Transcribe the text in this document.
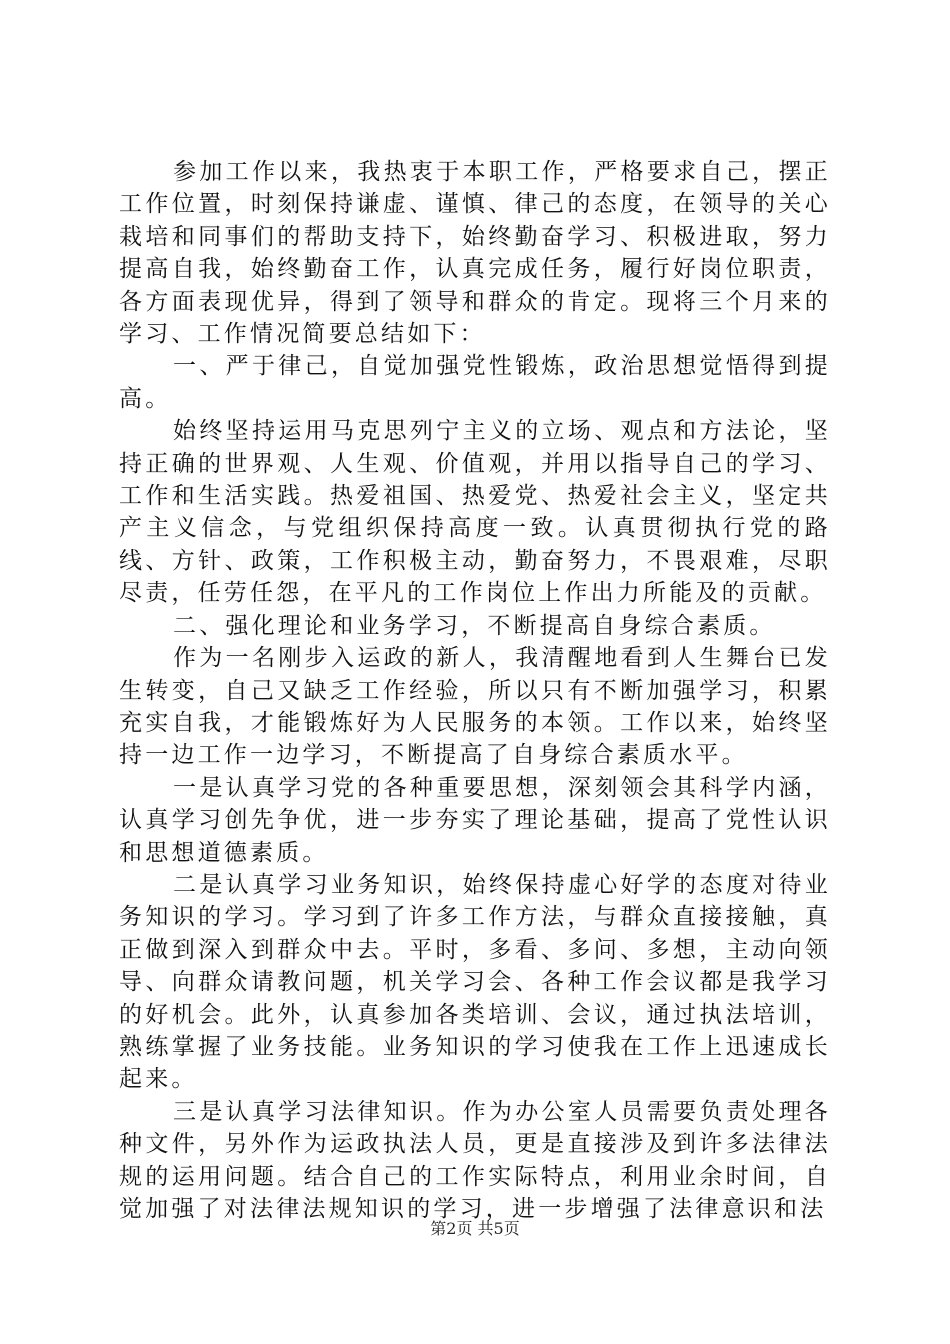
参加工作以来，我热衷于本职工作，严格要求自己，摆正工作位置，时刻保持谦虚、谨慎、律己的态度，在领导的关心栽培和同事们的帮助支持下，始终勤奋学习、积极进取，努力提高自我，始终勤奋工作，认真完成任务，履行好岗位职责，各方面表现优异，得到了领导和群众的肯定。现将三个月来的学习、工作情况简要总结如下：

一、严于律己，自觉加强党性锻炼，政治思想觉悟得到提高。

始终坚持运用马克思列宁主义的立场、观点和方法论，坚持正确的世界观、人生观、价值观，并用以指导自己的学习、工作和生活实践。热爱祖国、热爱党、热爱社会主义，坚定共产主义信念，与党组织保持高度一致。认真贯彻执行党的路线、方针、政策，工作积极主动，勤奋努力，不畏艰难，尽职尽责，任劳任怨，在平凡的工作岗位上作出力所能及的贡献。

二、强化理论和业务学习，不断提高自身综合素质。

作为一名刚步入运政的新人，我清醒地看到人生舞台已发生转变，自己又缺乏工作经验，所以只有不断加强学习，积累充实自我，才能锻炼好为人民服务的本领。工作以来，始终坚持一边工作一边学习，不断提高了自身综合素质水平。

一是认真学习党的各种重要思想，深刻领会其科学内涵，认真学习创先争优，进一步夯实了理论基础，提高了党性认识和思想道德素质。

二是认真学习业务知识，始终保持虚心好学的态度对待业务知识的学习。学习到了许多工作方法，与群众直接接触，真正做到深入到群众中去。平时，多看、多问、多想，主动向领导、向群众请教问题，机关学习会、各种工作会议都是我学习的好机会。此外，认真参加各类培训、会议，通过执法培训，熟练掌握了业务技能。业务知识的学习使我在工作上迅速成长起来。

三是认真学习法律知识。作为办公室人员需要负责处理各种文件，另外作为运政执法人员，更是直接涉及到许多法律法规的运用问题。结合自己的工作实际特点，利用业余时间，自觉加强了对法律法规知识的学习，进一步增强了法律意识和法

第2页 共5页
